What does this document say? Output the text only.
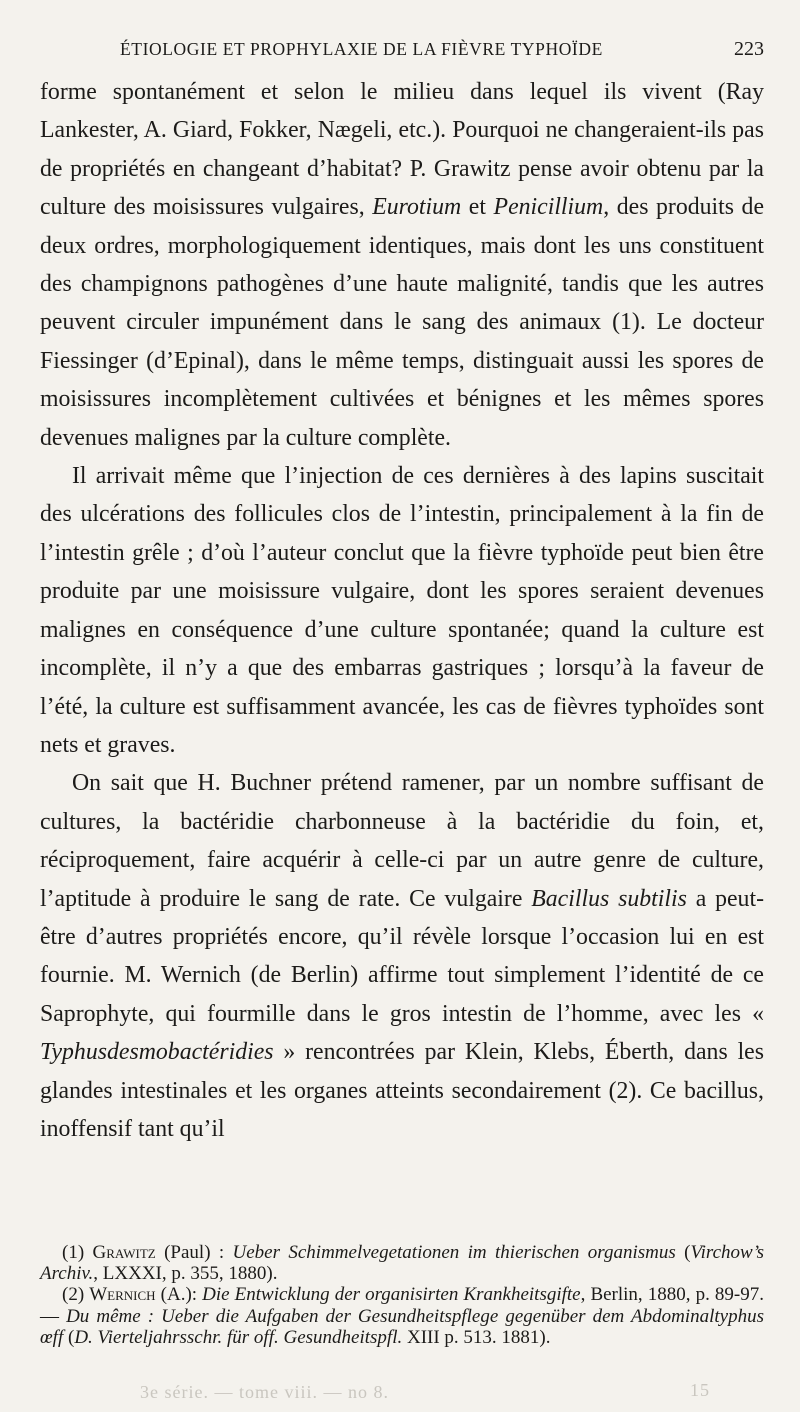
ÉTIOLOGIE ET PROPHYLAXIE DE LA FIÈVRE TYPHOÏDE	223

forme spontanément et selon le milieu dans lequel ils vivent (Ray Lankester, A. Giard, Fokker, Nægeli, etc.). Pourquoi ne changeraient-ils pas de propriétés en changeant d’habitat? P. Grawitz pense avoir obtenu par la culture des moisissures vulgaires, Eurotium et Penicillium, des produits de deux ordres, morphologiquement identiques, mais dont les uns constituent des champignons pathogènes d’une haute malignité, tandis que les autres peuvent circuler impunément dans le sang des animaux (1). Le docteur Fiessinger (d’Epinal), dans le même temps, distinguait aussi les spores de moisissures incomplètement cultivées et bénignes et les mêmes spores devenues malignes par la culture complète.

Il arrivait même que l’injection de ces dernières à des lapins suscitait des ulcérations des follicules clos de l’intestin, principalement à la fin de l’intestin grêle ; d’où l’auteur conclut que la fièvre typhoïde peut bien être produite par une moisissure vulgaire, dont les spores seraient devenues malignes en conséquence d’une culture spontanée; quand la culture est incomplète, il n’y a que des embarras gastriques ; lorsqu’à la faveur de l’été, la culture est suffisamment avancée, les cas de fièvres typhoïdes sont nets et graves.

On sait que H. Buchner prétend ramener, par un nombre suffisant de cultures, la bactéridie charbonneuse à la bactéridie du foin, et, réciproquement, faire acquérir à celle-ci par un autre genre de culture, l’aptitude à produire le sang de rate. Ce vulgaire Bacillus subtilis a peut-être d’autres propriétés encore, qu’il révèle lorsque l’occasion lui en est fournie. M. Wernich (de Berlin) affirme tout simplement l’identité de ce Saprophyte, qui fourmille dans le gros intestin de l’homme, avec les « Typhusdesmobactéridies » rencontrées par Klein, Klebs, Éberth, dans les glandes intestinales et les organes atteints secondairement (2). Ce bacillus, inoffensif tant qu’il

(1) Grawitz (Paul) : Ueber Schimmelvegetationen im thierischen organismus (Virchow’s Archiv., LXXXI, p. 355, 1880).

(2) Wernich (A.): Die Entwicklung der organisirten Krankheitsgifte, Berlin, 1880, p. 89-97. — Du même : Ueber die Aufgaben der Gesundheitspflege gegenüber dem Abdominaltyphus œff (D. Vierteljahrsschr. für off. Gesundheitspfl. XIII p. 513. 1881).

3e série. — tome viii. — no 8.	15
